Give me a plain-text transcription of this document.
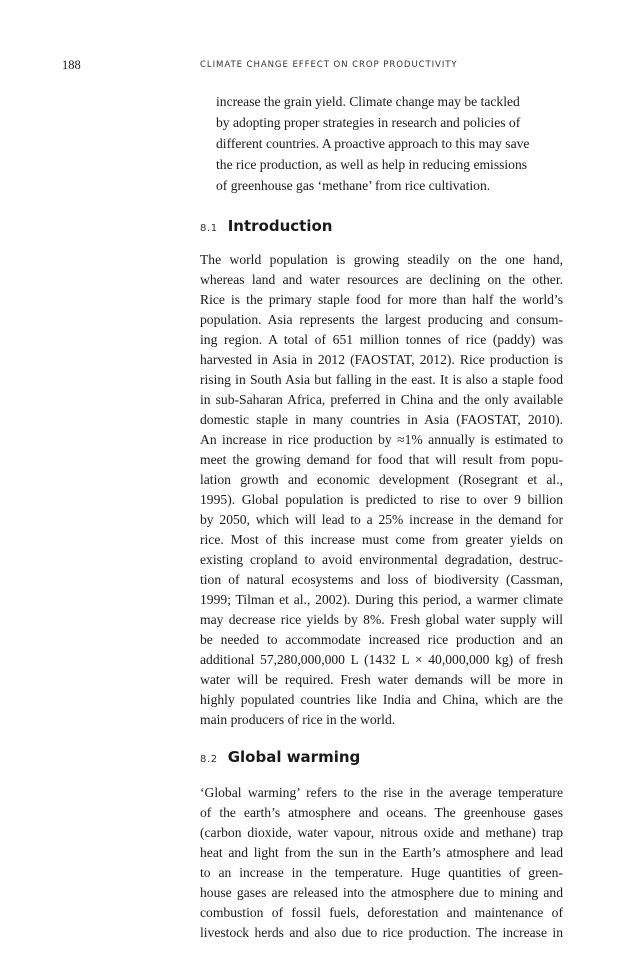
188	CLIMATE CHANGE EFFECT ON CROP PRODUCTIVITY
increase the grain yield. Climate change may be tackled
by adopting proper strategies in research and policies of
different countries. A proactive approach to this may save
the rice production, as well as help in reducing emissions
of greenhouse gas ‘methane’ from rice cultivation.
8.1 Introduction
The world population is growing steadily on the one hand,
whereas land and water resources are declining on the other.
Rice is the primary staple food for more than half the world’s
population. Asia represents the largest producing and consum-
ing region. A total of 651 million tonnes of rice (paddy) was
harvested in Asia in 2012 (FAOSTAT, 2012). Rice production is
rising in South Asia but falling in the east. It is also a staple food
in sub-Saharan Africa, preferred in China and the only available
domestic staple in many countries in Asia (FAOSTAT, 2010).
An increase in rice production by ≈1% annually is estimated to
meet the growing demand for food that will result from popu-
lation growth and economic development (Rosegrant et al.,
1995). Global population is predicted to rise to over 9 billion
by 2050, which will lead to a 25% increase in the demand for
rice. Most of this increase must come from greater yields on
existing cropland to avoid environmental degradation, destruc-
tion of natural ecosystems and loss of biodiversity (Cassman,
1999; Tilman et al., 2002). During this period, a warmer climate
may decrease rice yields by 8%. Fresh global water supply will
be needed to accommodate increased rice production and an
additional 57,280,000,000 L (1432 L × 40,000,000 kg) of fresh
water will be required. Fresh water demands will be more in
highly populated countries like India and China, which are the
main producers of rice in the world.
8.2 Global warming
‘Global warming’ refers to the rise in the average temperature
of the earth’s atmosphere and oceans. The greenhouse gases
(carbon dioxide, water vapour, nitrous oxide and methane) trap
heat and light from the sun in the Earth’s atmosphere and lead
to an increase in the temperature. Huge quantities of green-
house gases are released into the atmosphere due to mining and
combustion of fossil fuels, deforestation and maintenance of
livestock herds and also due to rice production. The increase in
